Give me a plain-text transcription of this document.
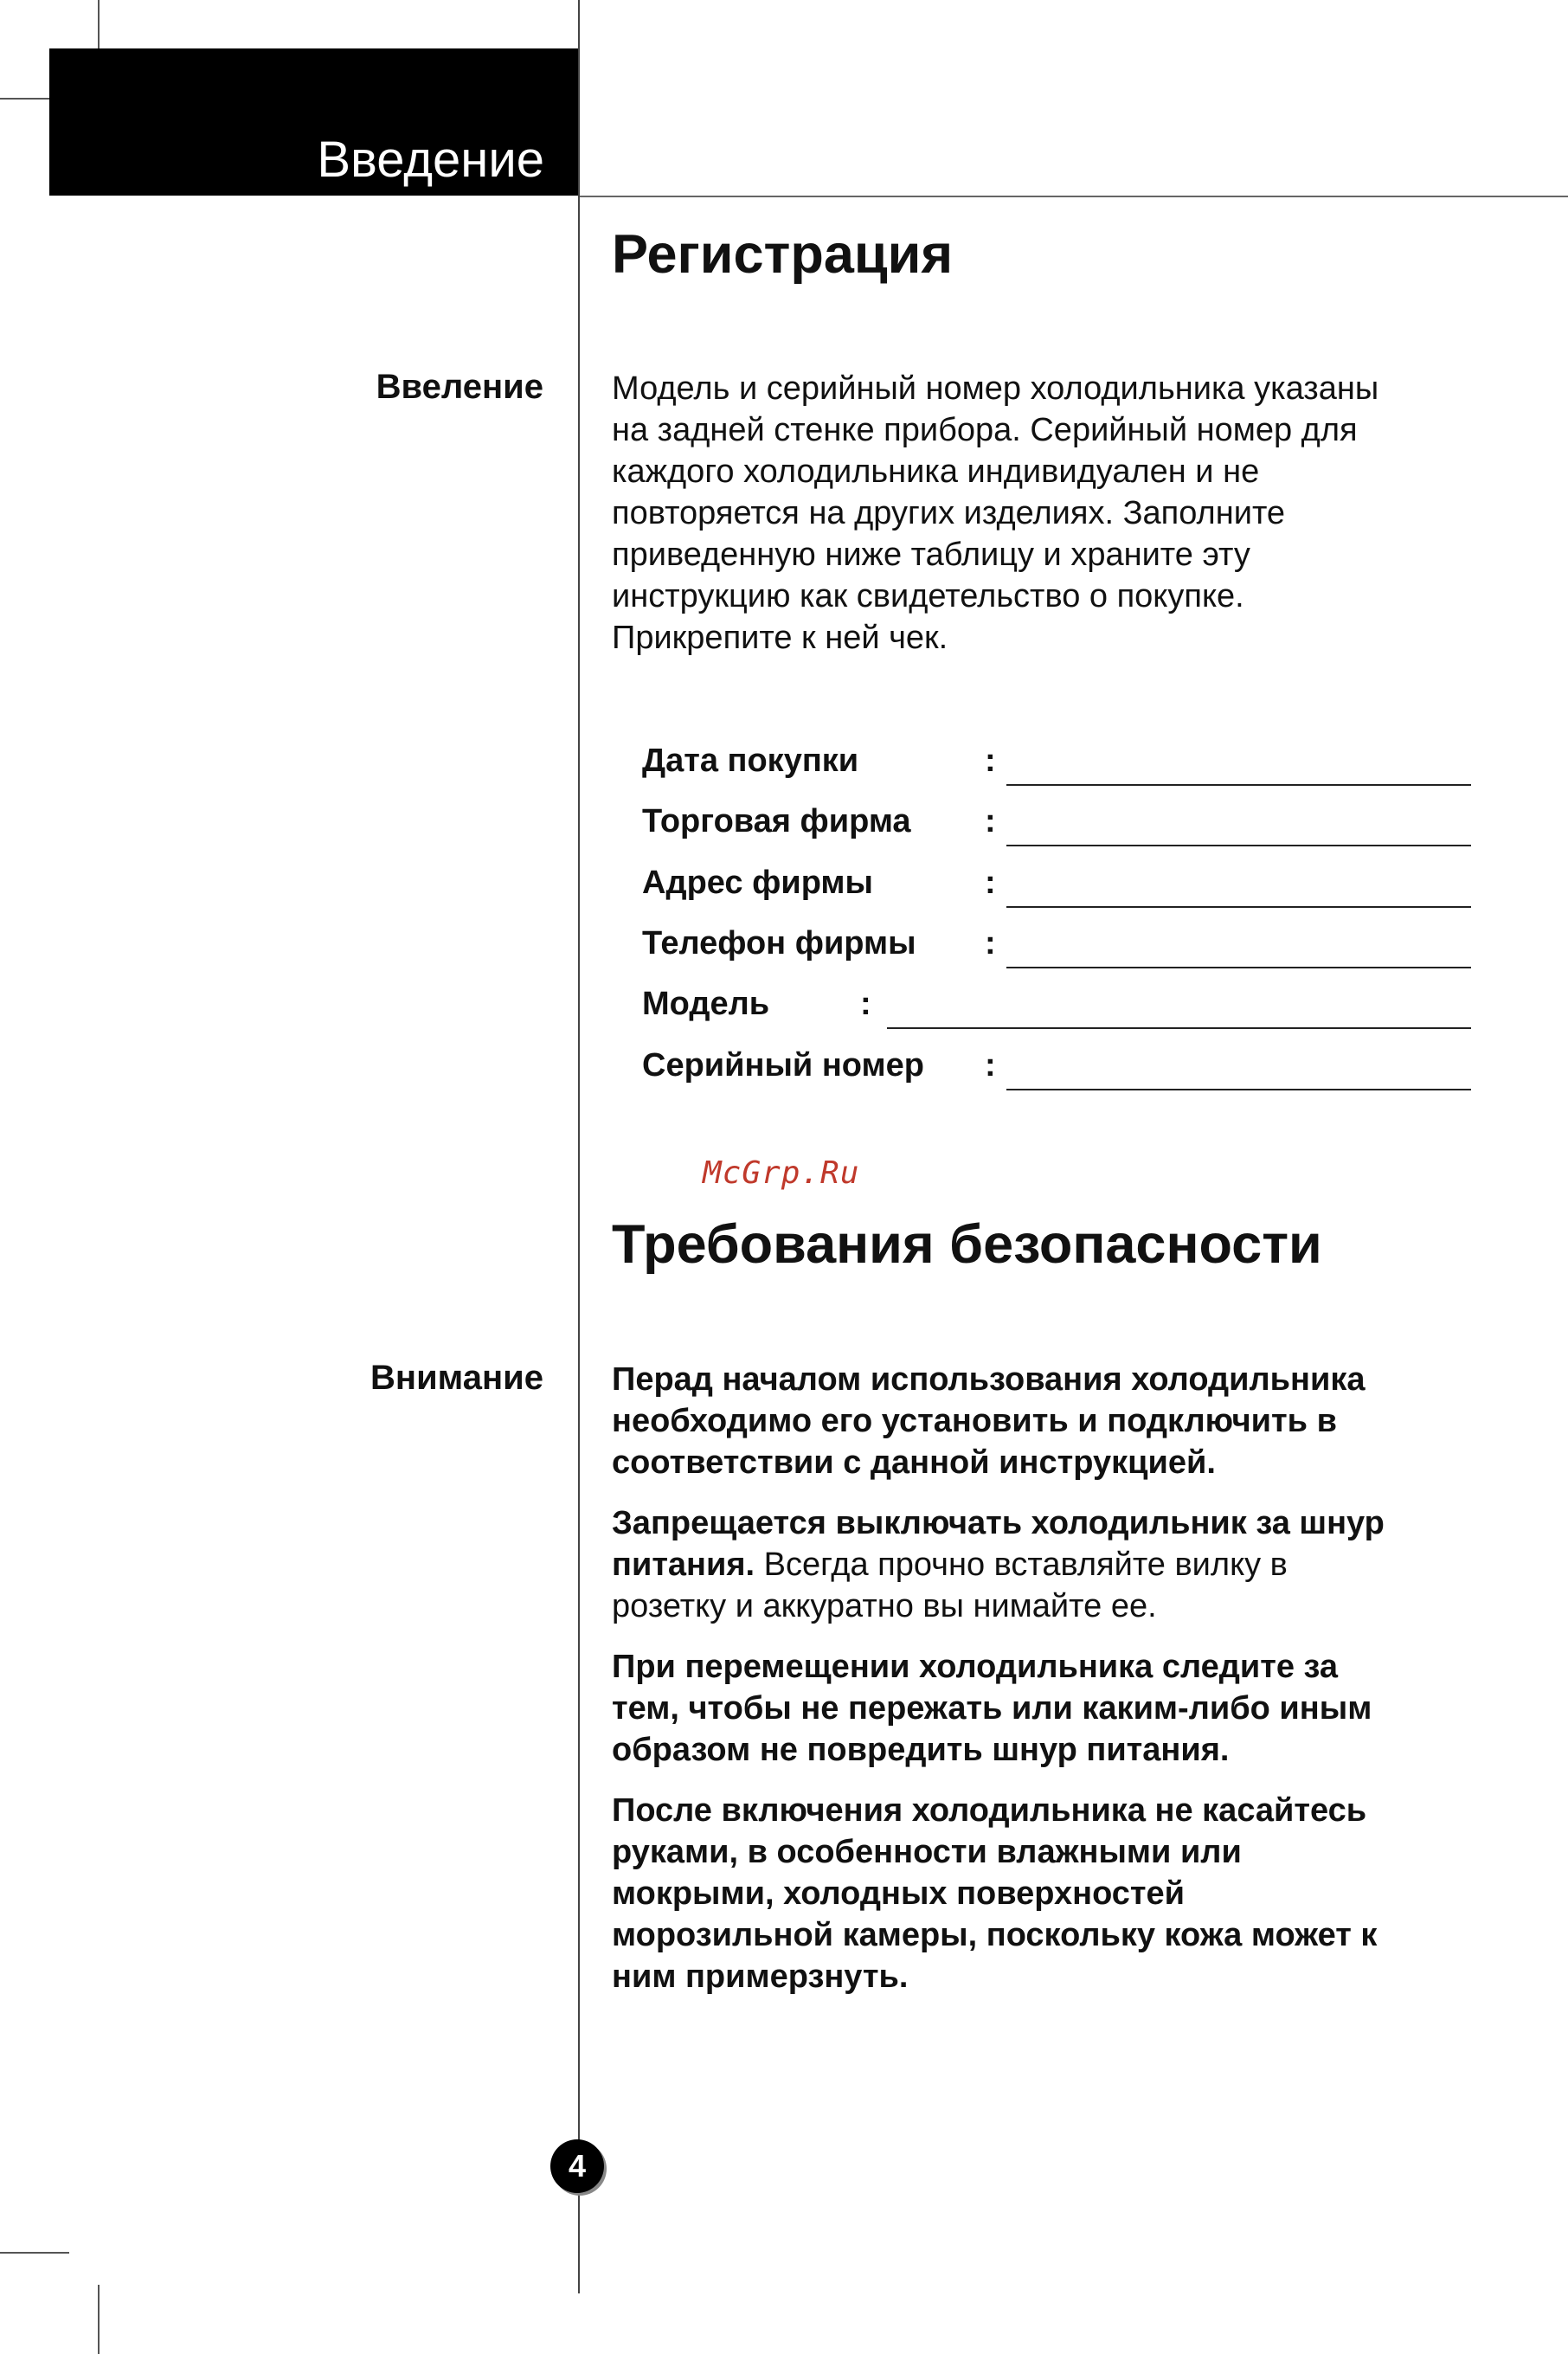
Введение
Регистрация
Ввеление Модель и серийный номер холодильника указаны
на задней стенке прибора. Серийный номер для
каждого холодильника индивидуален и не
повторяется на других изделиях. Заполните
приведенную ниже таблицу и храните эту
инструкцию как свидетельство о покупке.
Прикрепите к ней чек.
Дата покупки	:
Торговая фирма :
Адрес фирмы	:
Телефон фирмы :
Модель	:
Серийный номер :
McGrp.Ru
Требования безопасности
Внимание Перад началом использования холодильника
необходимо его установить и подключить в
соответствии с данной инструкцией.

Запрещается выключать холодильник за шнур
питания. Всегда прочно вставляйте вилку в
розетку и аккуратно вы нимайте ее.

При перемещении холодильника следите за
тем, чтобы не пережать или каким-либо иным
образом не повредить шнур питания.

После включения холодильника не касайтесь
руками, в особенности влажными или
мокрыми, холодных поверхностей
морозильной камеры, поскольку кожа может к
ним примерзнуть.

4
